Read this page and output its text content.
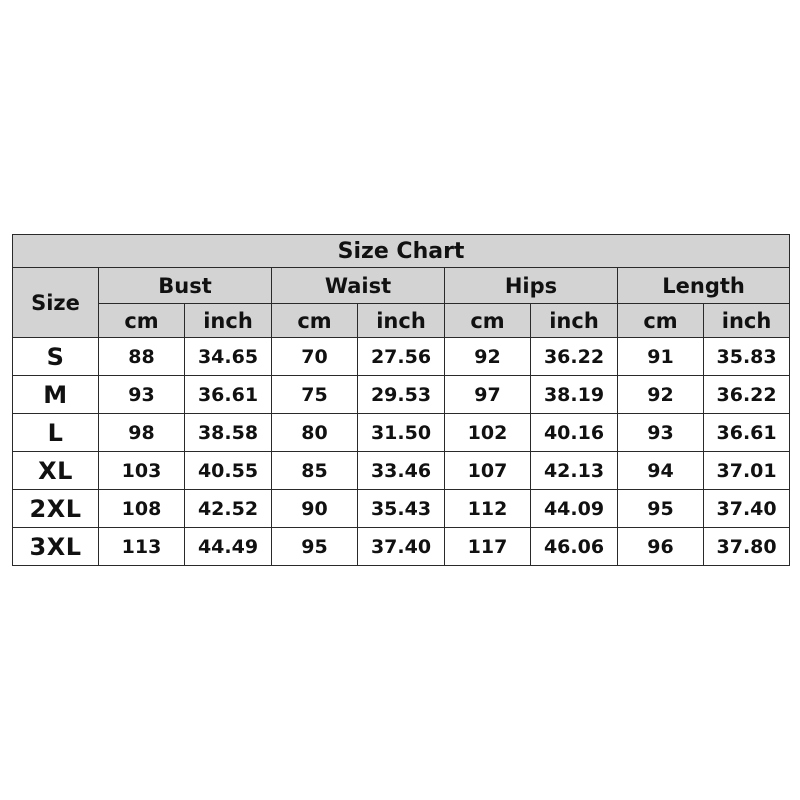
Size Chart								
Size	Bust		Waist		Hips		Length	
	cm	inch	cm	inch	cm	inch	cm	inch
S	88	34.65	70	27.56	92	36.22	91	35.83
M	93	36.61	75	29.53	97	38.19	92	36.22
L	98	38.58	80	31.50	102	40.16	93	36.61
XL	103	40.55	85	33.46	107	42.13	94	37.01
2XL	108	42.52	90	35.43	112	44.09	95	37.40
3XL	113	44.49	95	37.40	117	46.06	96	37.80
